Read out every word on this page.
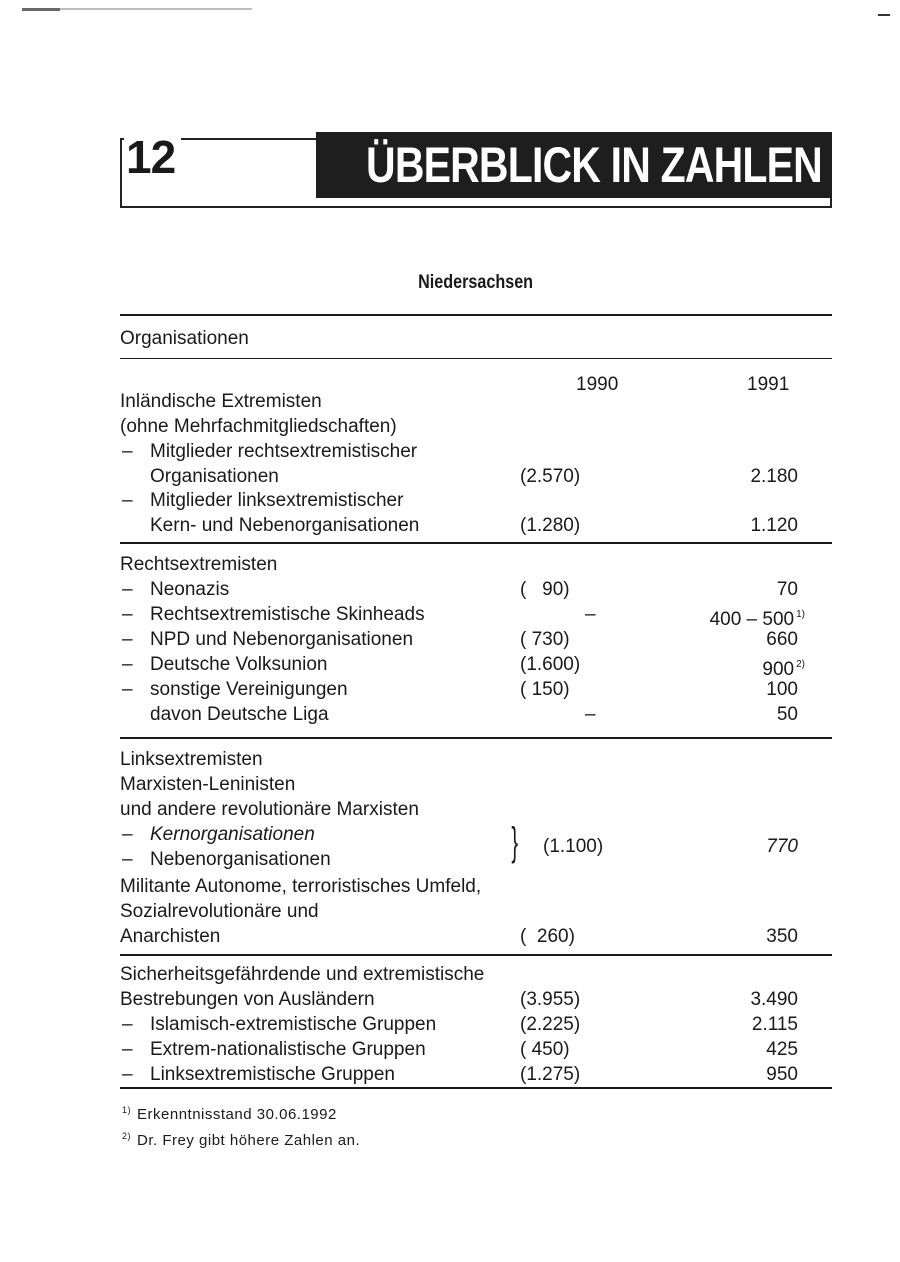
12	ÜBERBLICK IN ZAHLEN
Niedersachsen
Organisationen
1990	1991
Inländische Extremisten
(ohne Mehrfachmitgliedschaften)
– Mitglieder rechtsextremistischer
Organisationen	(2.570)	2.180
– Mitglieder linksextremistischer
Kern- und Nebenorganisationen	(1.280)	1.120
Rechtsextremisten
– Neonazis	(   90)	70
– Rechtsextremistische Skinheads	–	400 – 500 $^{1)}$
– NPD und Nebenorganisationen	( 730)	660
– Deutsche Volksunion	(1.600)	900 $^{2)}$
– sonstige Vereinigungen	( 150)	100
davon Deutsche Liga	–	50
Linksextremisten
Marxisten-Leninisten
und andere revolutionäre Marxisten
– Kernorganisationen
– Nebenorganisationen	} (1.100)	770
Militante Autonome, terroristisches Umfeld,
Sozialrevolutionäre und
Anarchisten	(  260)	350
Sicherheitsgefährdende und extremistische
Bestrebungen von Ausländern	(3.955)	3.490
– Islamisch-extremistische Gruppen	(2.225)	2.115
– Extrem-nationalistische Gruppen	( 450)	425
– Linksextremistische Gruppen	(1.275)	950
$^{1)}$ Erkenntnisstand 30.06.1992
$^{2)}$ Dr. Frey gibt höhere Zahlen an.
